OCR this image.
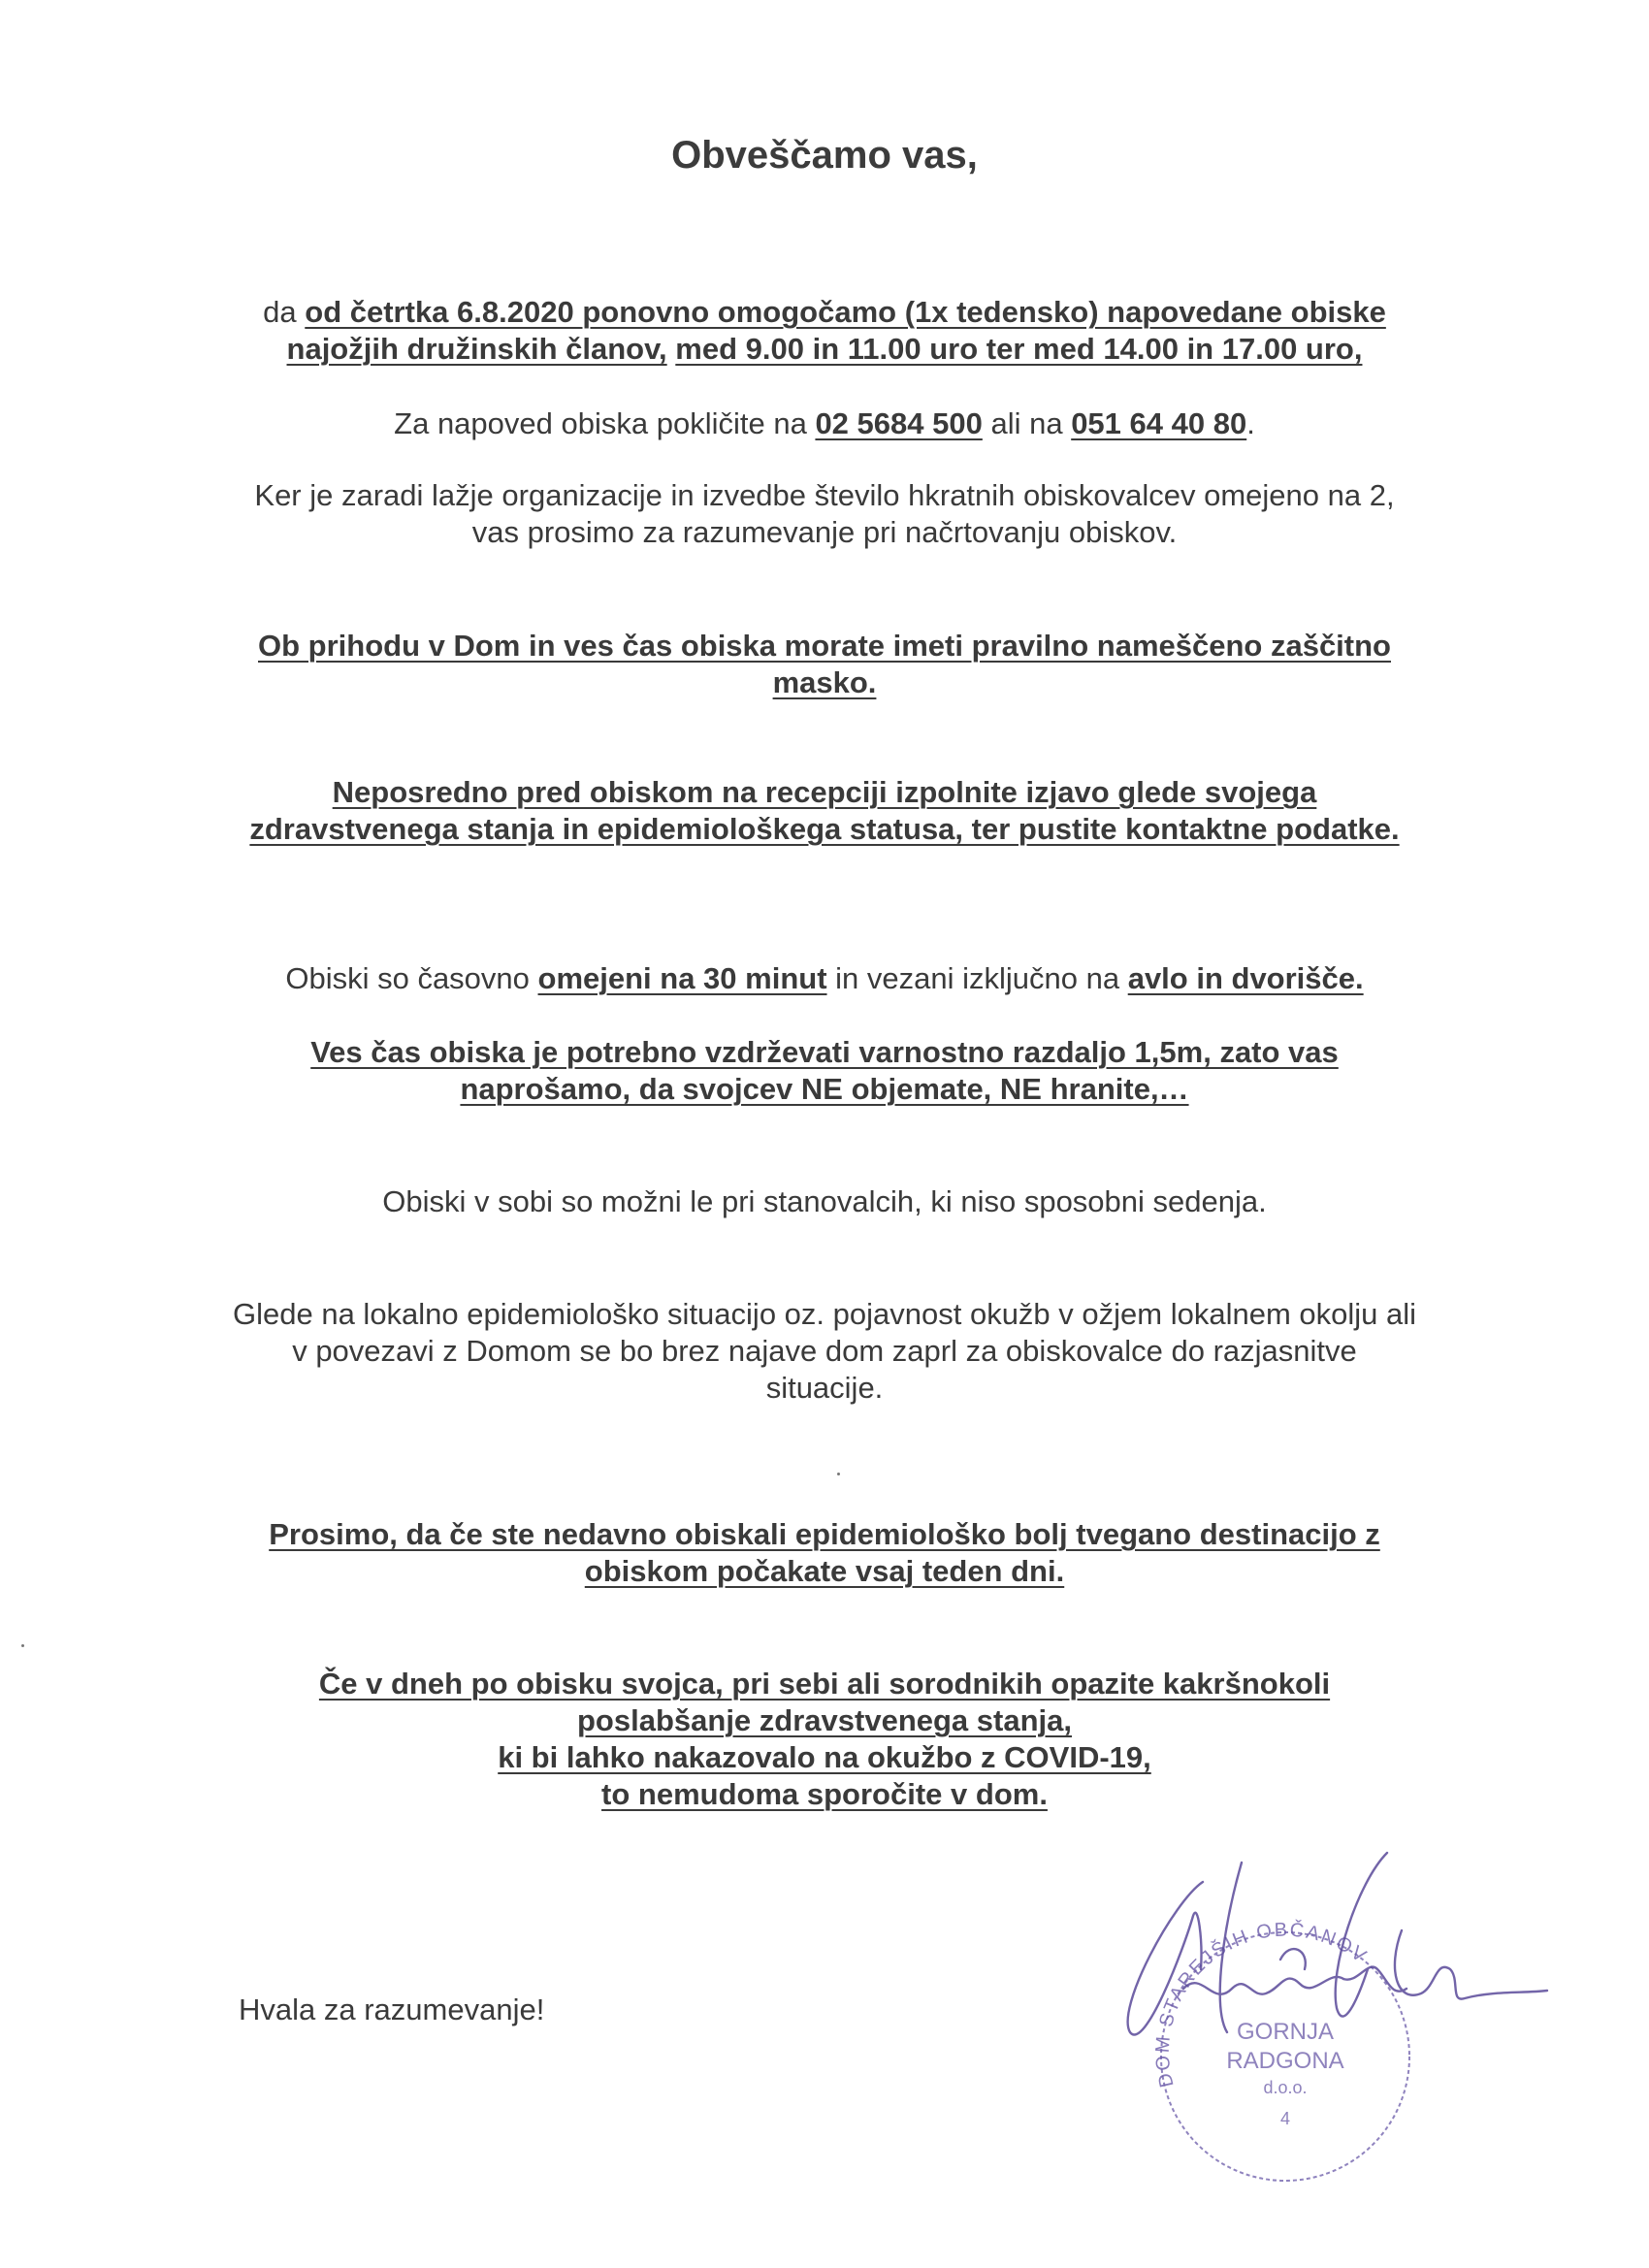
Obveščamo vas,
da od četrtka 6.8.2020 ponovno omogočamo (1x tedensko) napovedane obiske najožjih družinskih članov, med 9.00 in 11.00 uro ter med 14.00 in 17.00 uro,
Za napoved obiska pokličite na 02 5684 500 ali na 051 64 40 80.
Ker je zaradi lažje organizacije in izvedbe število hkratnih obiskovalcev omejeno na 2, vas prosimo za razumevanje pri načrtovanju obiskov.
Ob prihodu v Dom in ves čas obiska morate imeti pravilno nameščeno zaščitno masko.
Neposredno pred obiskom na recepciji izpolnite izjavo glede svojega zdravstvenega stanja in epidemiološkega statusa, ter pustite kontaktne podatke.
Obiski so časovno omejeni na 30 minut in vezani izključno na avlo in dvorišče.
Ves čas obiska je potrebno vzdrževati varnostno razdaljo 1,5m, zato vas naprošamo, da svojcev NE objemate, NE hranite,…
Obiski v sobi so možni le pri stanovalcih, ki niso sposobni sedenja.
Glede na lokalno epidemiološko situacijo oz. pojavnost okužb v ožjem lokalnem okolju ali v povezavi z Domom se bo brez najave dom zaprl za obiskovalce do razjasnitve situacije.
Prosimo, da če ste nedavno obiskali epidemiološko bolj tvegano destinacijo z obiskom počakate vsaj teden dni.
Če v dneh po obisku svojca, pri sebi ali sorodnikih opazite kakršnokoli
poslabšanje zdravstvenega stanja,
ki bi lahko nakazovalo na okužbo z COVID-19,
to nemudoma sporočite v dom.
Hvala za razumevanje!
DOM STAREJŠIH OBČANOV
GORNJA
RADGONA
d.o.o.
4
